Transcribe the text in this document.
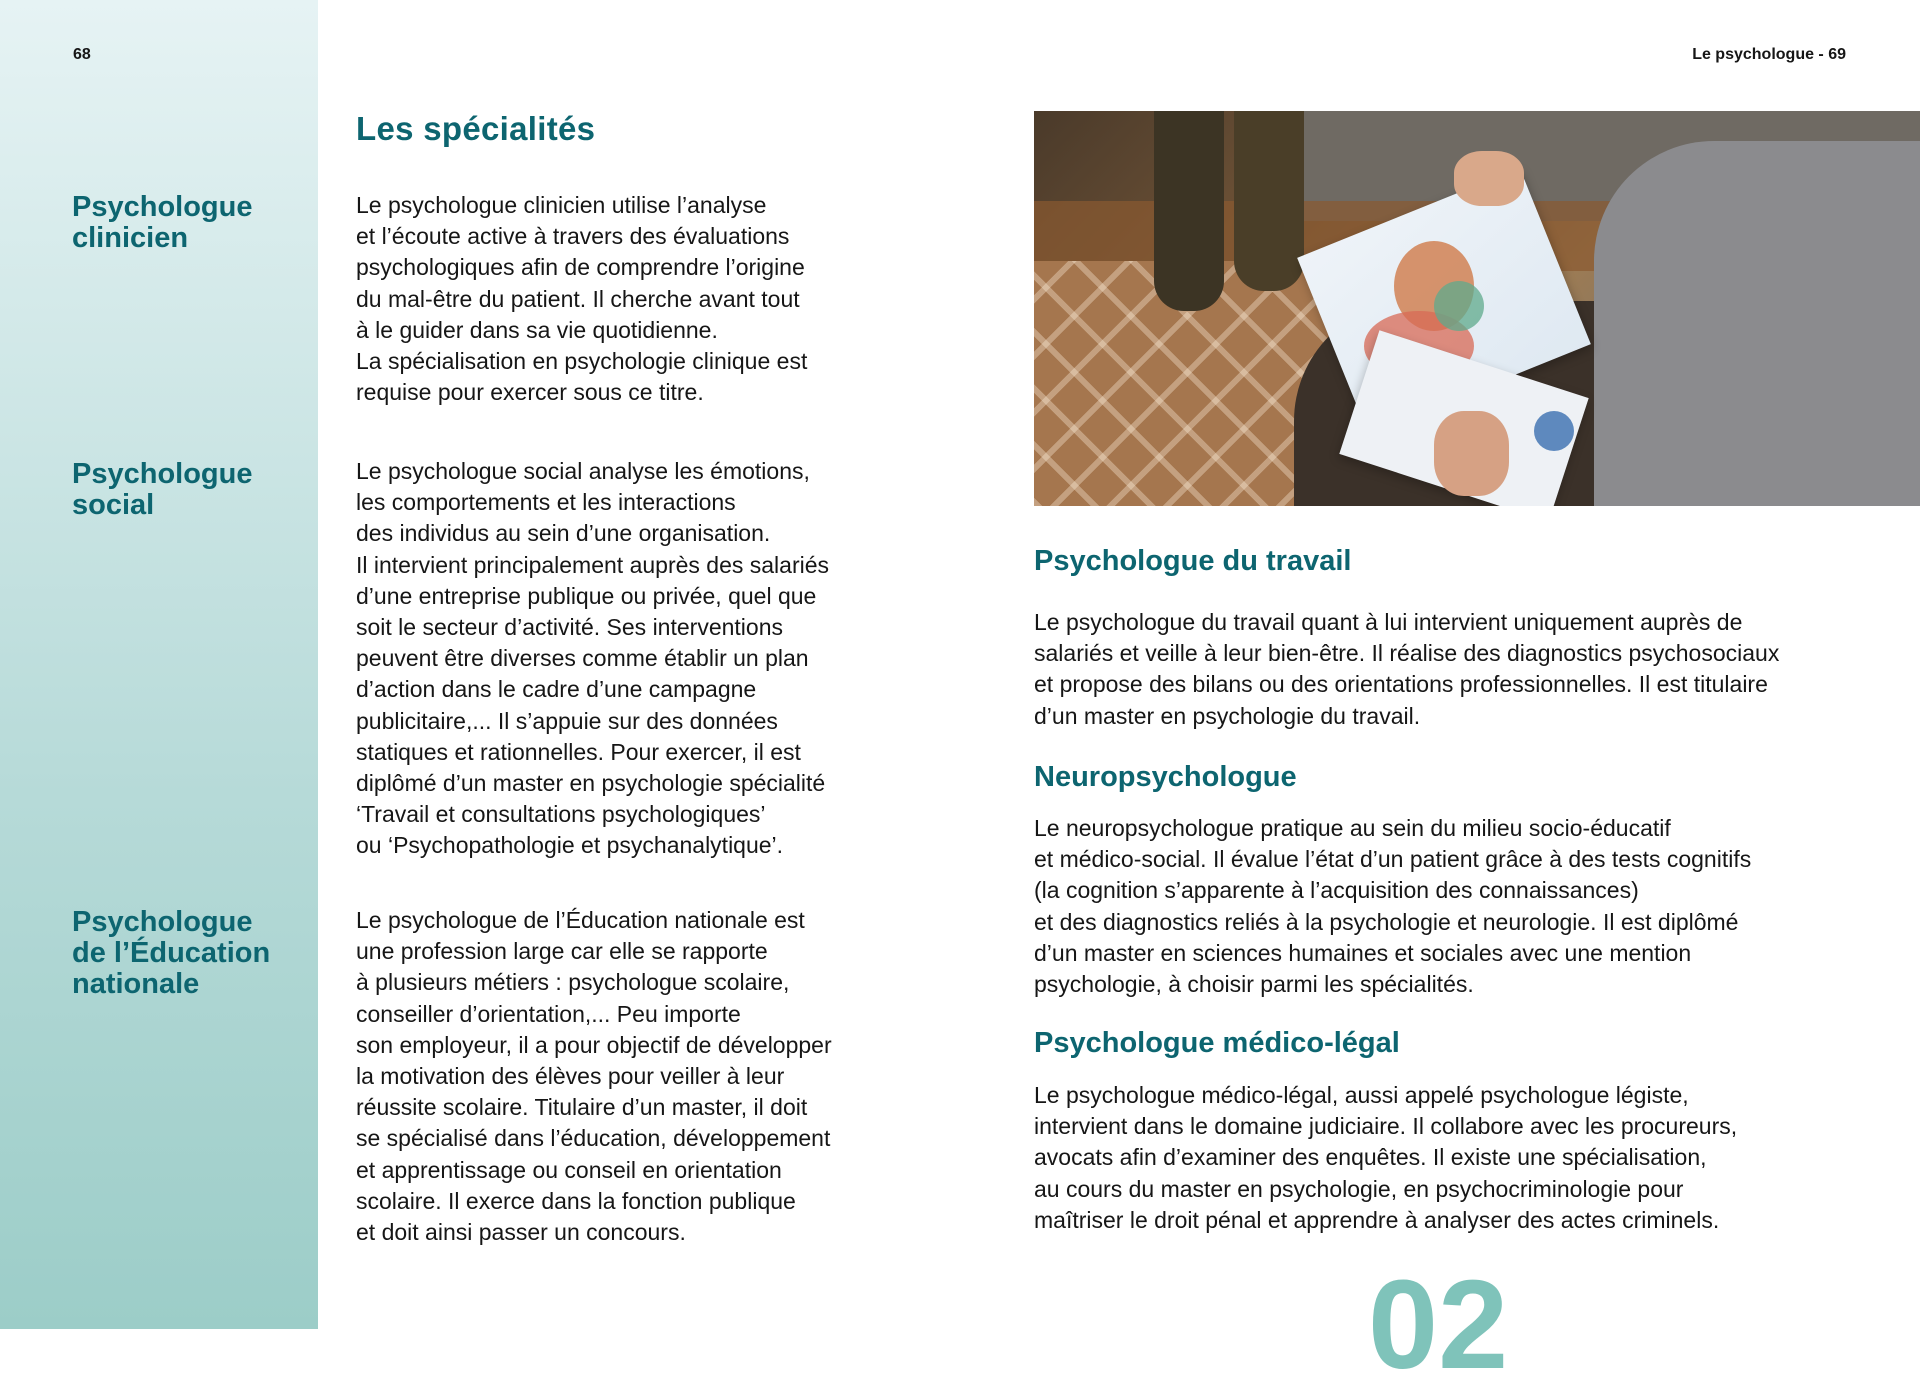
68	Le psychologue - 69
Les spécialités
Psychologue
clinicien

Le psychologue clinicien utilise l’analyse
et l’écoute active à travers des évaluations
psychologiques afin de comprendre l’origine
du mal-être du patient. Il cherche avant tout
à le guider dans sa vie quotidienne.
La spécialisation en psychologie clinique est
requise pour exercer sous ce titre.

Psychologue
social

Le psychologue social analyse les émotions,
les comportements et les interactions
des individus au sein d’une organisation.
Il intervient principalement auprès des salariés
d’une entreprise publique ou privée, quel que
soit le secteur d’activité. Ses interventions
peuvent être diverses comme établir un plan
d’action dans le cadre d’une campagne
publicitaire,... Il s’appuie sur des données
statiques et rationnelles. Pour exercer, il est
diplômé d’un master en psychologie spécialité
‘Travail et consultations psychologiques’
ou ‘Psychopathologie et psychanalytique’.

Psychologue
de l’Éducation
nationale

Le psychologue de l’Éducation nationale est
une profession large car elle se rapporte
à plusieurs métiers : psychologue scolaire,
conseiller d’orientation,... Peu importe
son employeur, il a pour objectif de développer
la motivation des élèves pour veiller à leur
réussite scolaire. Titulaire d’un master, il doit
se spécialisé dans l’éducation, développement
et apprentissage ou conseil en orientation
scolaire. Il exerce dans la fonction publique
et doit ainsi passer un concours.

Psychologue du travail

Le psychologue du travail quant à lui intervient uniquement auprès de
salariés et veille à leur bien-être. Il réalise des diagnostics psychosociaux
et propose des bilans ou des orientations professionnelles. Il est titulaire
d’un master en psychologie du travail.

Neuropsychologue

Le neuropsychologue pratique au sein du milieu socio-éducatif
et médico-social. Il évalue l’état d’un patient grâce à des tests cognitifs
(la cognition s’apparente à l’acquisition des connaissances)
et des diagnostics reliés à la psychologie et neurologie. Il est diplômé
d’un master en sciences humaines et sociales avec une mention
psychologie, à choisir parmi les spécialités.

Psychologue médico-légal

Le psychologue médico-légal, aussi appelé psychologue légiste,
intervient dans le domaine judiciaire. Il collabore avec les procureurs,
avocats afin d’examiner des enquêtes. Il existe une spécialisation,
au cours du master en psychologie, en psychocriminologie pour
maîtriser le droit pénal et apprendre à analyser des actes criminels.

02
